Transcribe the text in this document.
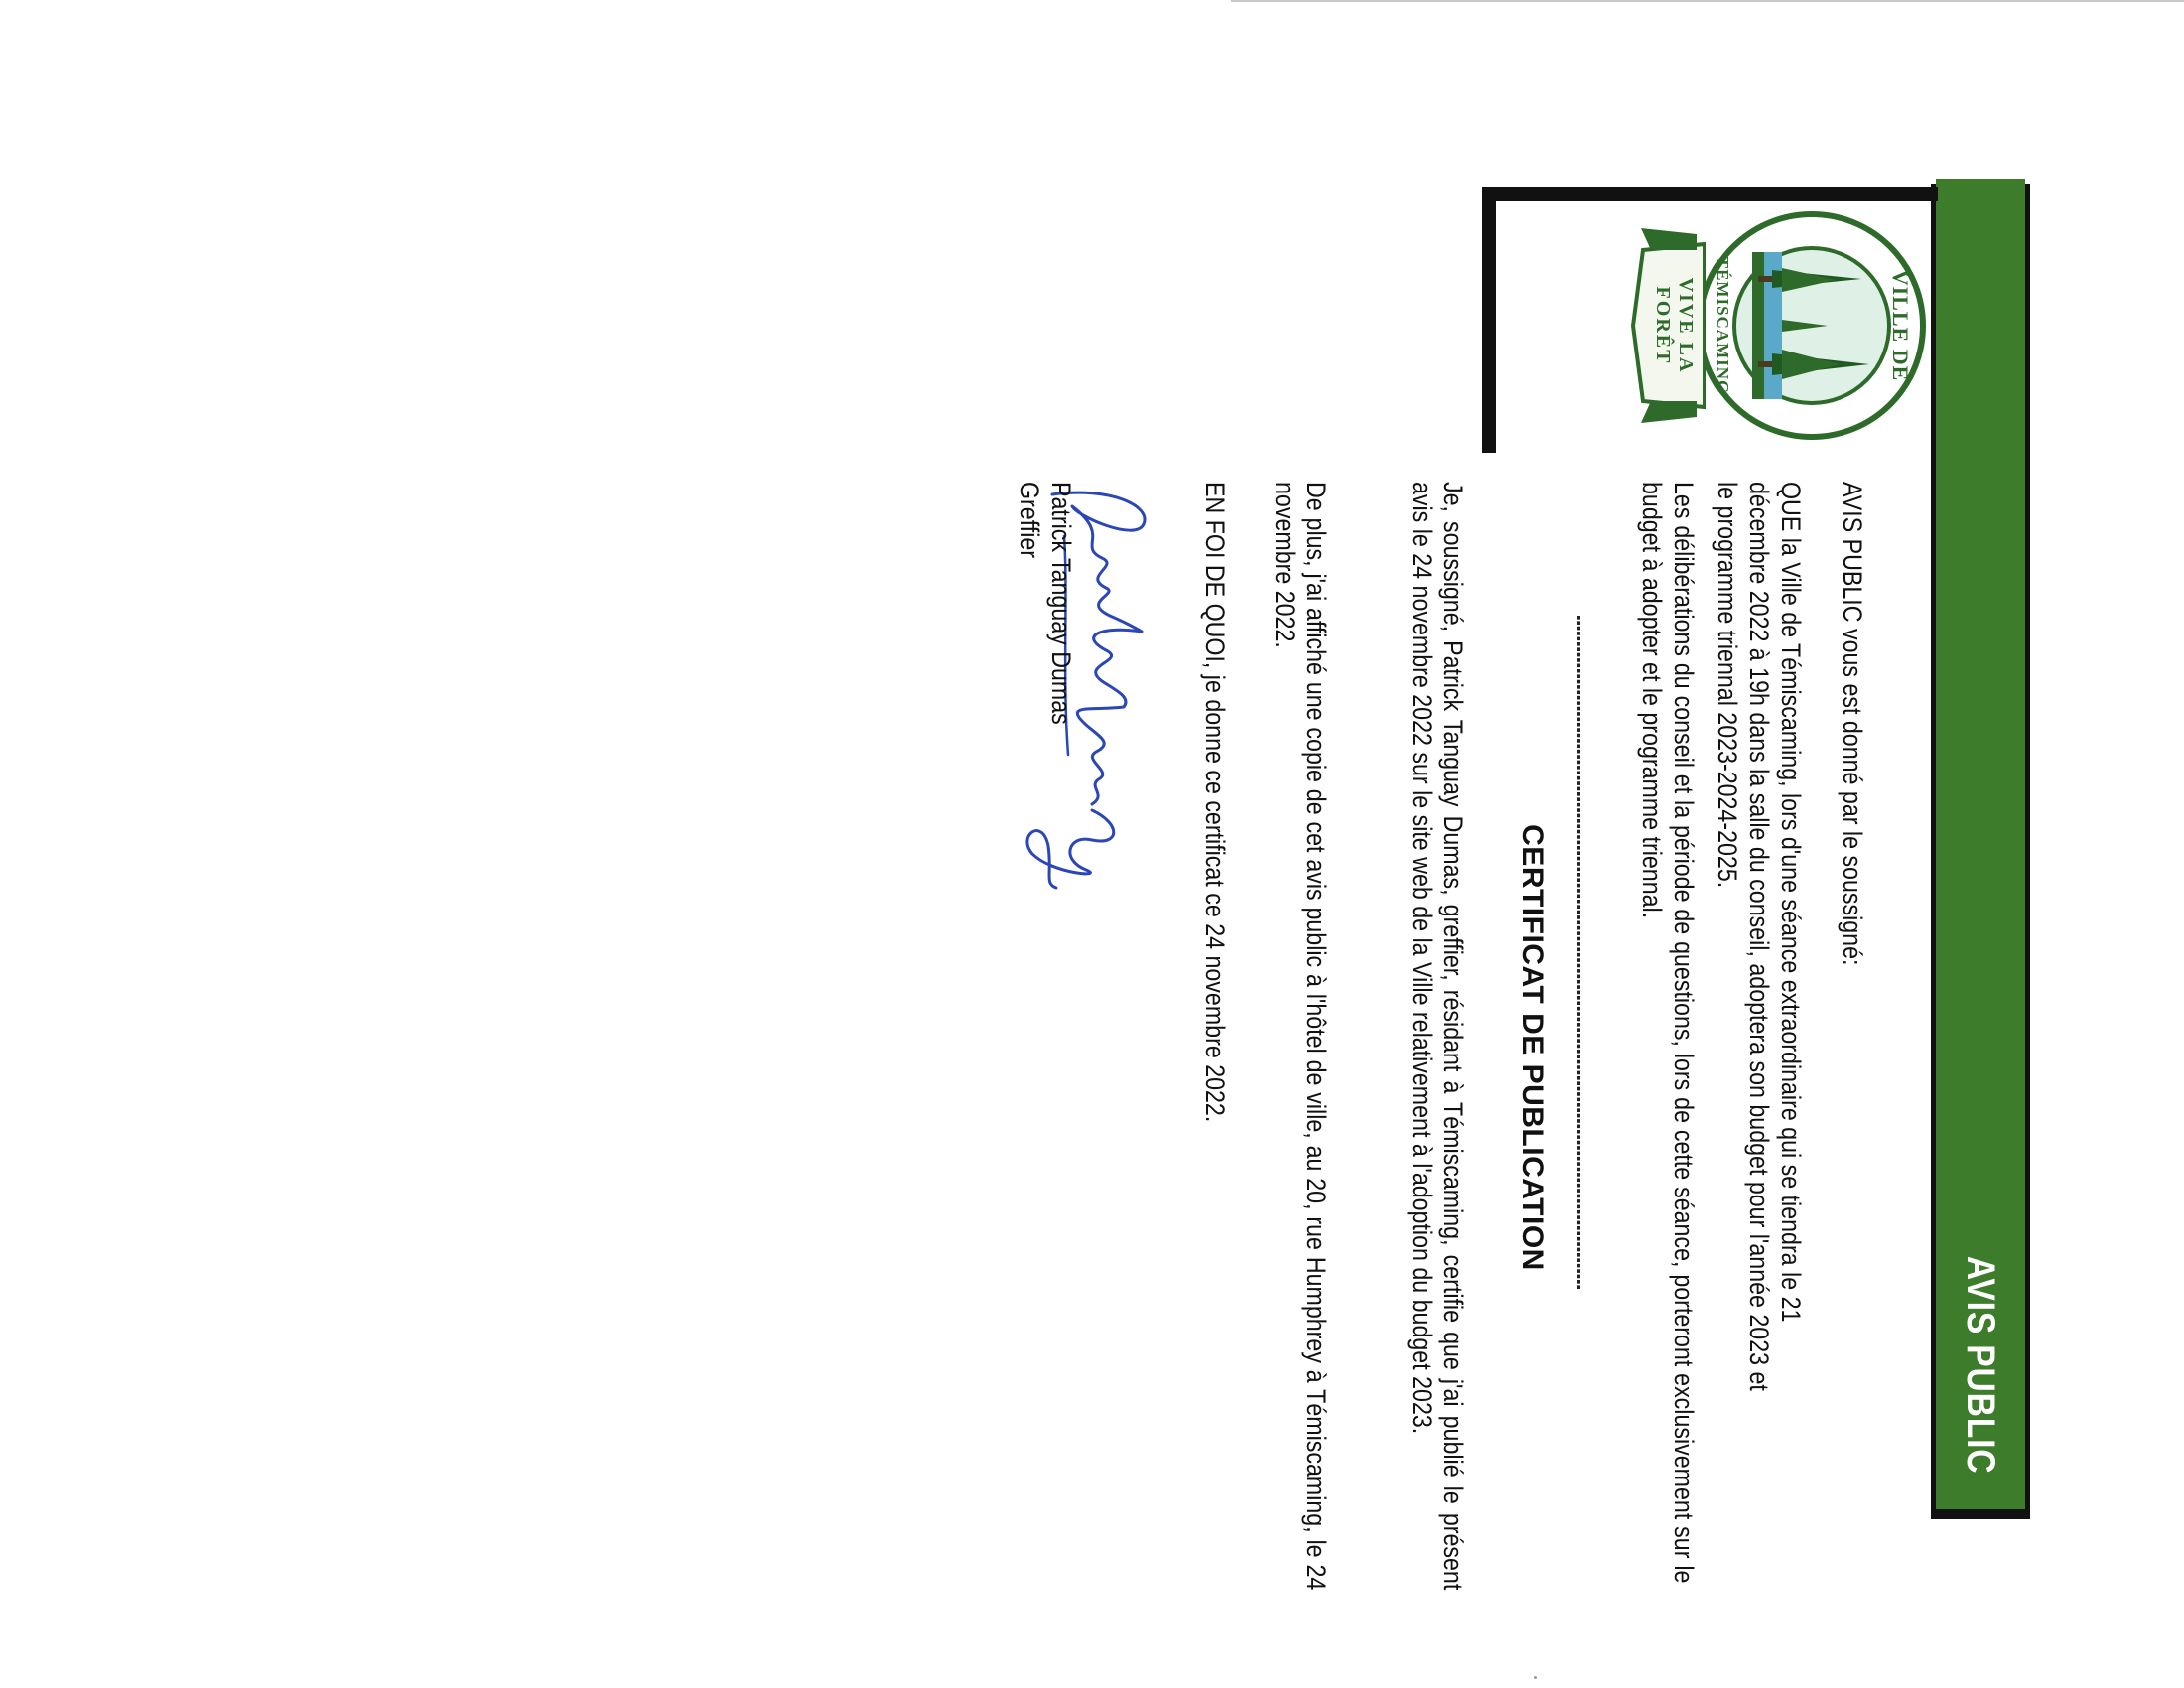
AVIS PUBLIC
VILLE DE
TÉMISCAMING
VIVE LA FORÊT

AVIS PUBLIC vous est donné par le soussigné:

QUE la Ville de Témiscaming, lors d'une séance extraordinaire qui se tiendra le 21 décembre 2022 à 19h dans la salle du conseil, adoptera son budget pour l'année 2023 et le programme triennal 2023-2024-2025.

Les délibérations du conseil et la période de questions, lors de cette séance, porteront exclusivement sur le budget à adopter et le programme triennal.

CERTIFICAT DE PUBLICATION

Je, soussigné, Patrick Tanguay Dumas, greffier, résidant à Témiscaming, certifie que j'ai publié le présent avis le 24 novembre 2022 sur le site web de la Ville relativement à l'adoption du budget 2023.

De plus, j'ai affiché une copie de cet avis public à l'hôtel de ville, au 20, rue Humphrey à Témiscaming, le 24 novembre 2022.

EN FOI DE QUOI, je donne ce certificat ce 24 novembre 2022.

Patrick Tanguay Dumas
Greffier
